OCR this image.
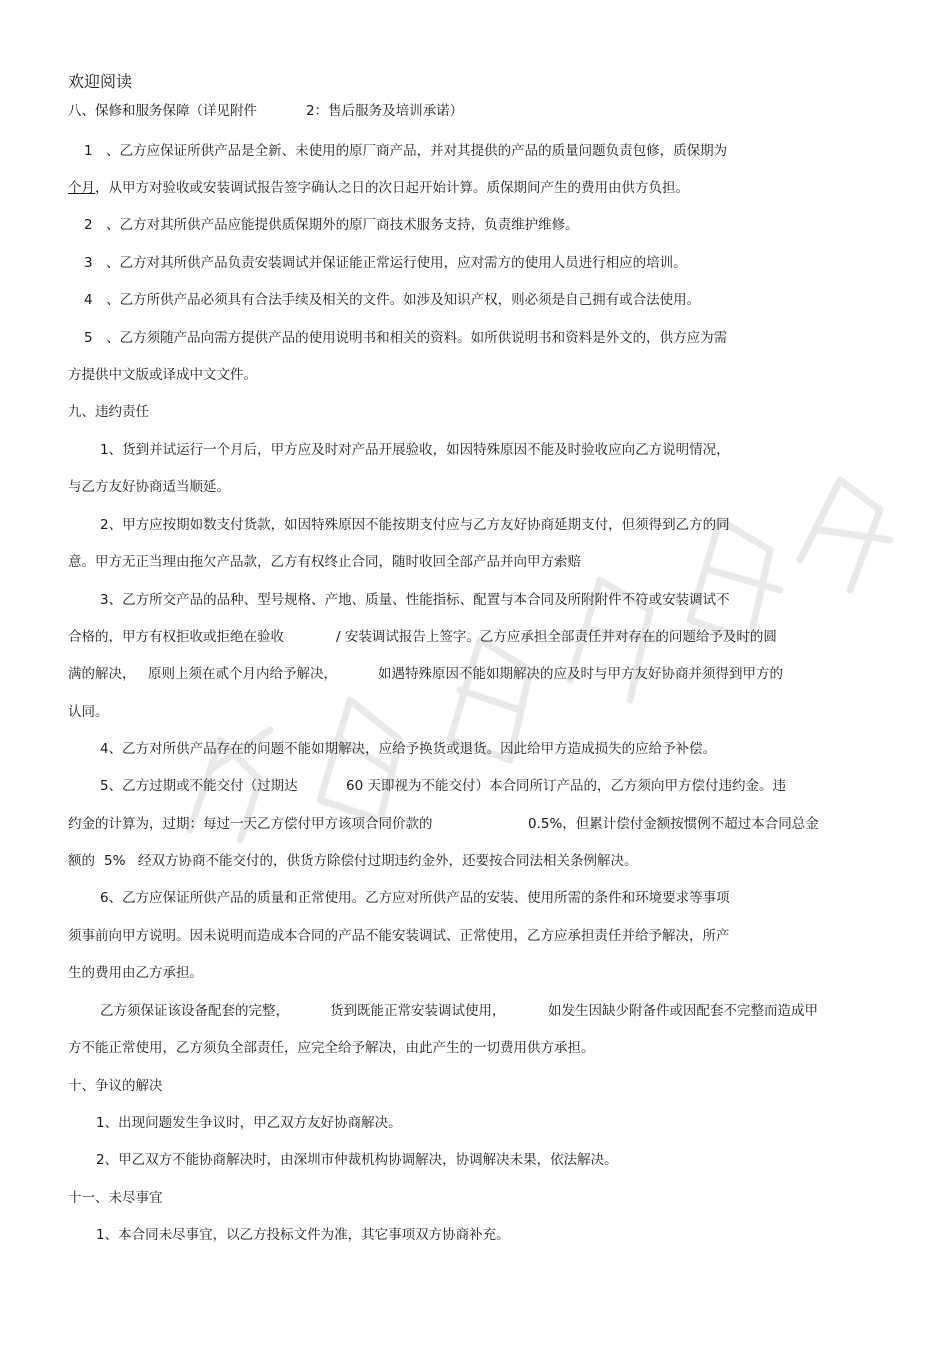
欢迎阅读
八、保修和服务保障（详见附件	2：售后服务及培训承诺）
1　、乙方应保证所供产品是全新、未使用的原厂商产品，并对其提供的产品的质量问题负责包修，质保期为
个月，从甲方对验收或安装调试报告签字确认之日的次日起开始计算。质保期间产生的费用由供方负担。
2　、乙方对其所供产品应能提供质保期外的原厂商技术服务支持，负责维护维修。
3　、乙方对其所供产品负责安装调试并保证能正常运行使用，应对需方的使用人员进行相应的培训。
4　、乙方所供产品必须具有合法手续及相关的文件。如涉及知识产权，则必须是自己拥有或合法使用。
5　、乙方须随产品向需方提供产品的使用说明书和相关的资料。如所供说明书和资料是外文的，供方应为需
方提供中文版或译成中文文件。
九、违约责任
1、货到并试运行一个月后，甲方应及时对产品开展验收，如因特殊原因不能及时验收应向乙方说明情况，
与乙方友好协商适当顺延。
2、甲方应按期如数支付货款，如因特殊原因不能按期支付应与乙方友好协商延期支付，但须得到乙方的同
意。甲方无正当理由拖欠产品款，乙方有权终止合同，随时收回全部产品并向甲方索赔
3、乙方所交产品的品种、型号规格、产地、质量、性能指标、配置与本合同及所附附件不符或安装调试不
合格的，甲方有权拒收或拒绝在验收	/ 安装调试报告上签字。乙方应承担全部责任并对存在的问题给予及时的圆
满的解决， 原则上须在贰个月内给予解决，	如遇特殊原因不能如期解决的应及时与甲方友好协商并须得到甲方的
认同。
4、乙方对所供产品存在的问题不能如期解决，应给予换货或退货。因此给甲方造成损失的应给予补偿。
5、乙方过期或不能交付（过期达	60 天即视为不能交付）本合同所订产品的，乙方须向甲方偿付违约金。违
约金的计算为，过期：每过一天乙方偿付甲方该项合同价款的	0.5%，但累计偿付金额按惯例不超过本合同总金
额的 5% 经双方协商不能交付的，供货方除偿付过期违约金外，还要按合同法相关条例解决。
6、乙方应保证所供产品的质量和正常使用。乙方应对所供产品的安装、使用所需的条件和环境要求等事项
须事前向甲方说明。因未说明而造成本合同的产品不能安装调试、正常使用，乙方应承担责任并给予解决，所产
生的费用由乙方承担。
乙方须保证该设备配套的完整，	货到既能正常安装调试使用，	如发生因缺少附备件或因配套不完整而造成甲
方不能正常使用，乙方须负全部责任，应完全给予解决，由此产生的一切费用供方承担。
十、争议的解决
1、出现问题发生争议时，甲乙双方友好协商解决。
2、甲乙双方不能协商解决时，由深圳市仲裁机构协调解决，协调解决未果，依法解决。
十一、未尽事宜
1、本合同未尽事宜，以乙方投标文件为准，其它事项双方协商补充。
